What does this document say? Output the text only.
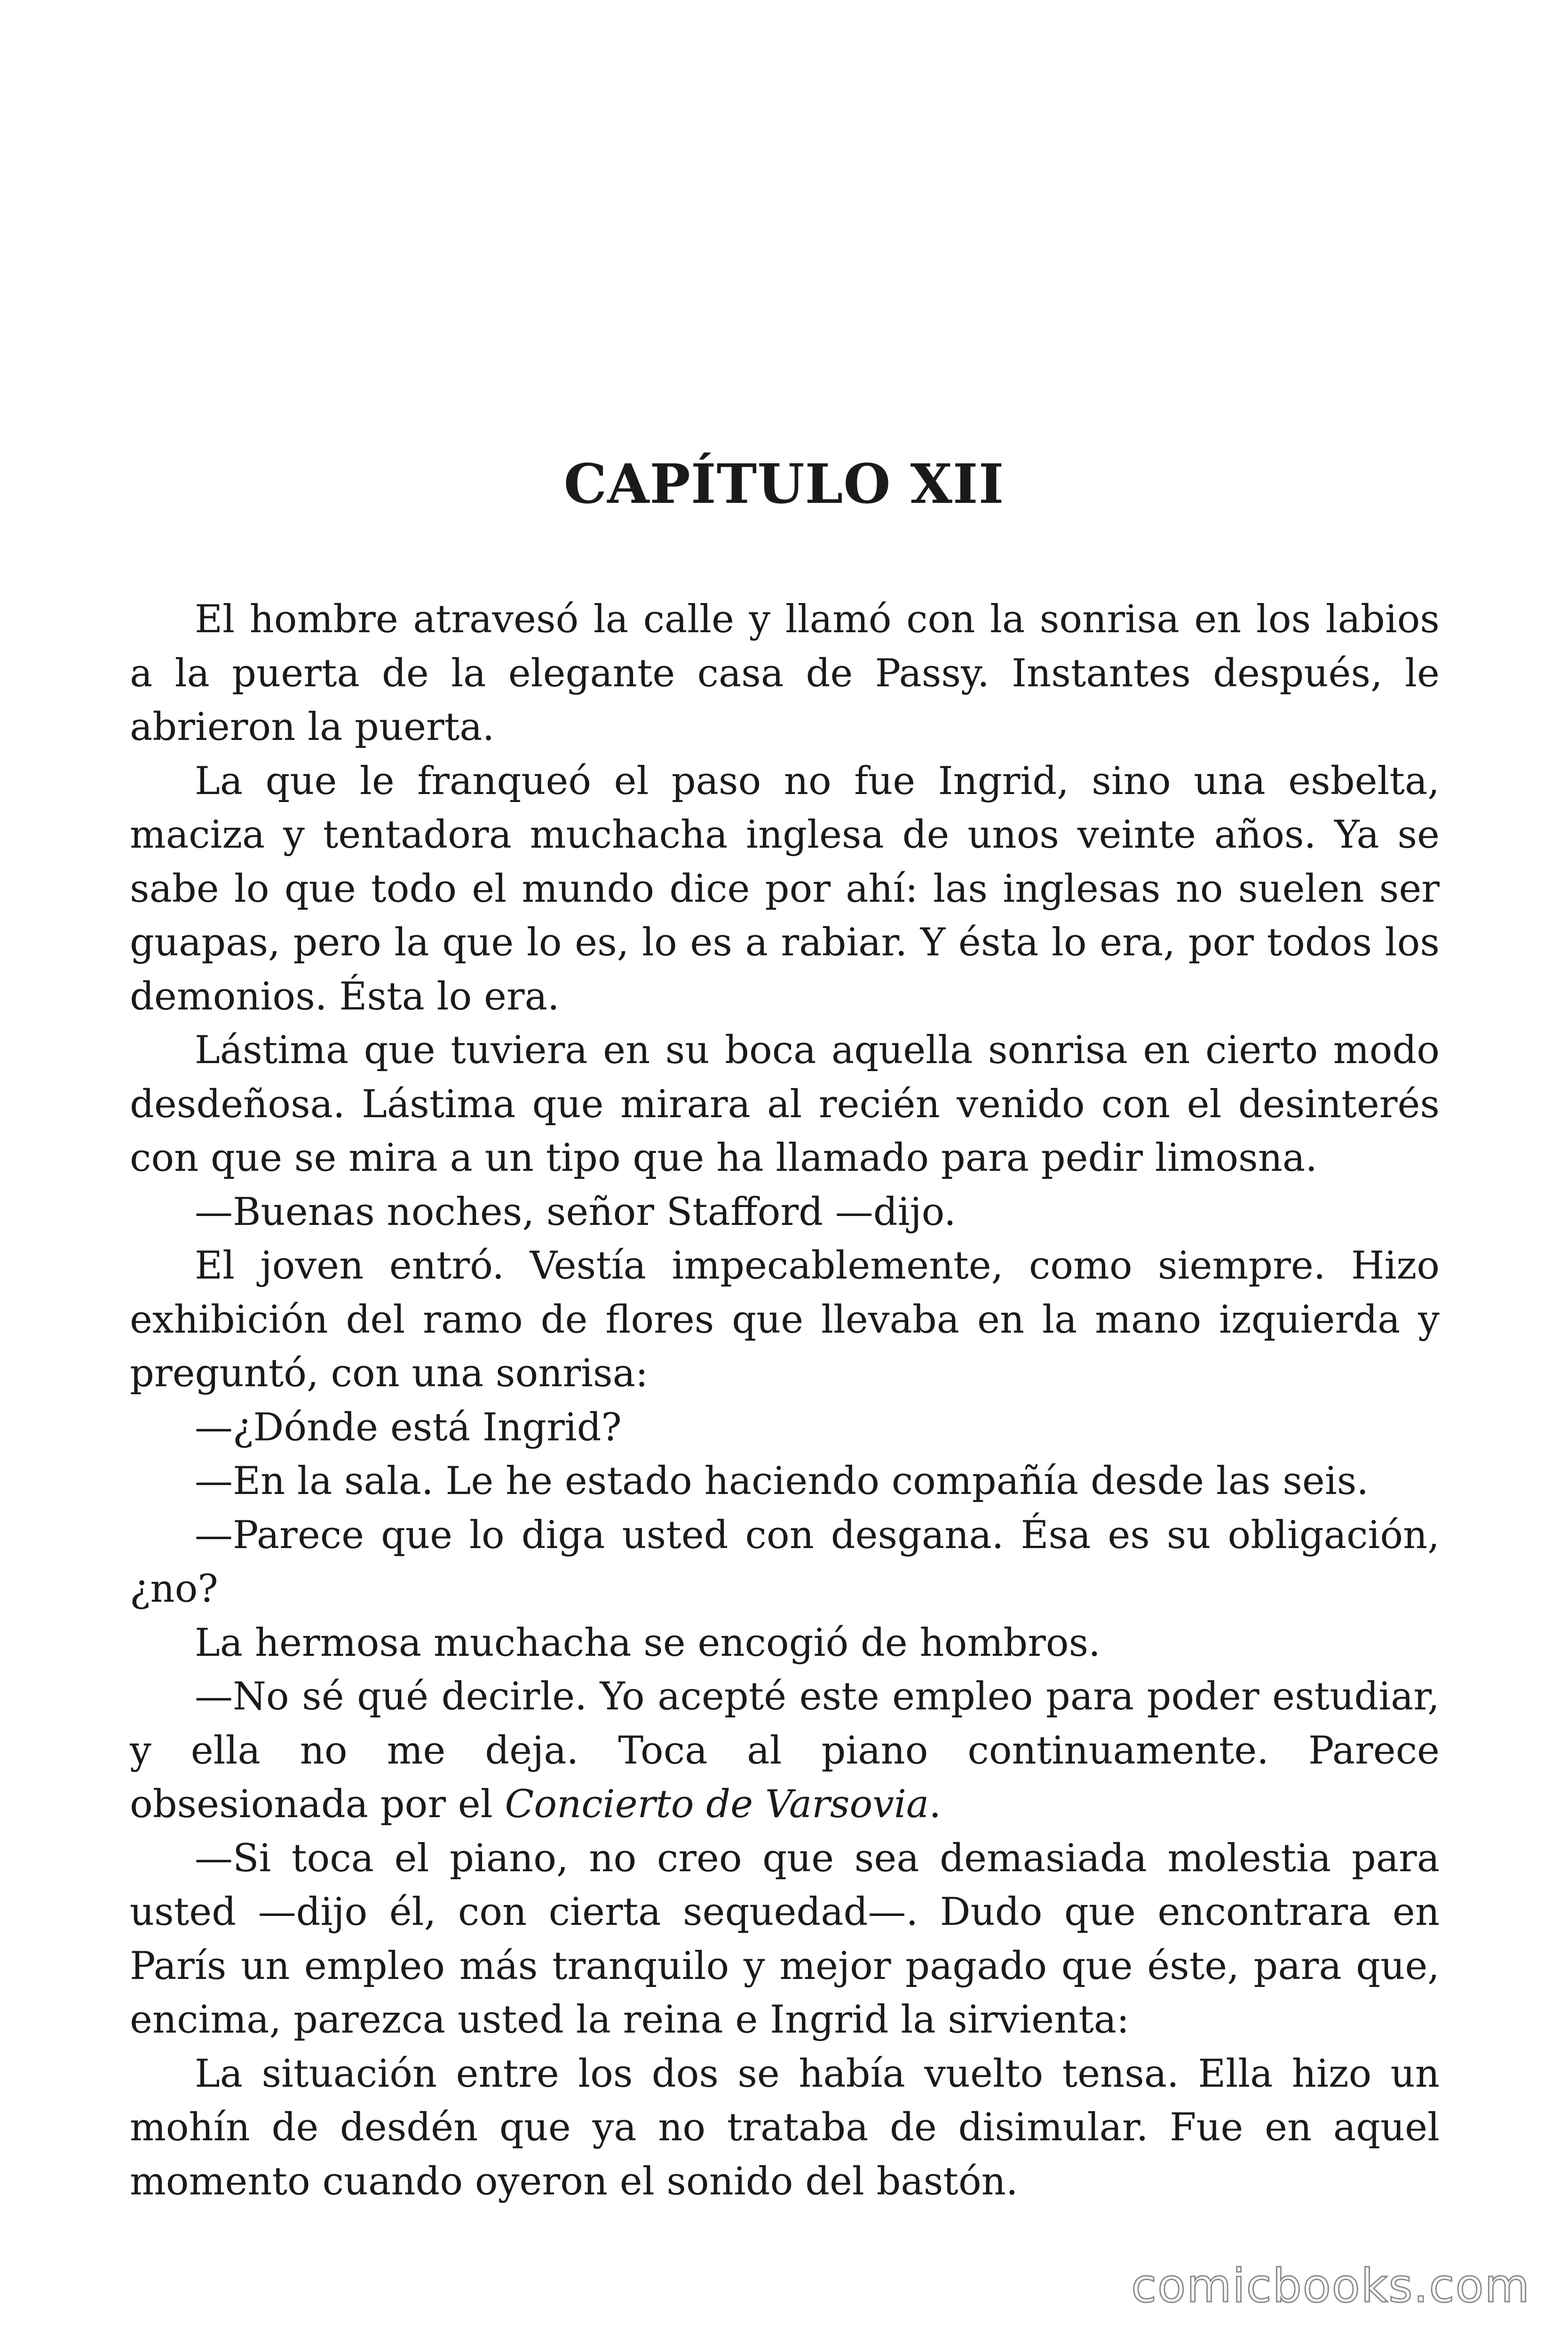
CAPÍTULO XII

El hombre atravesó la calle y llamó con la sonrisa en los labios a la puerta de la elegante casa de Passy. Instantes después, le abrieron la puerta.

La que le franqueó el paso no fue Ingrid, sino una esbelta, maciza y tentadora muchacha inglesa de unos veinte años. Ya se sabe lo que todo el mundo dice por ahí: las inglesas no suelen ser guapas, pero la que lo es, lo es a rabiar. Y ésta lo era, por todos los demonios. Ésta lo era.

Lástima que tuviera en su boca aquella sonrisa en cierto modo desdeñosa. Lástima que mirara al recién venido con el desinterés con que se mira a un tipo que ha llamado para pedir limosna.

—Buenas noches, señor Stafford —dijo.

El joven entró. Vestía impecablemente, como siempre. Hizo exhibición del ramo de flores que llevaba en la mano izquierda y preguntó, con una sonrisa:

—¿Dónde está Ingrid?

—En la sala. Le he estado haciendo compañía desde las seis.

—Parece que lo diga usted con desgana. Ésa es su obligación, ¿no?

La hermosa muchacha se encogió de hombros.

—No sé qué decirle. Yo acepté este empleo para poder estudiar, y ella no me deja. Toca al piano continuamente. Parece obsesionada por el Concierto de Varsovia.

—Si toca el piano, no creo que sea demasiada molestia para usted —dijo él, con cierta sequedad—. Dudo que encontrara en París un empleo más tranquilo y mejor pagado que éste, para que, encima, parezca usted la reina e Ingrid la sirvienta:

La situación entre los dos se había vuelto tensa. Ella hizo un mohín de desdén que ya no trataba de disimular. Fue en aquel momento cuando oyeron el sonido del bastón.

comicbooks.com
